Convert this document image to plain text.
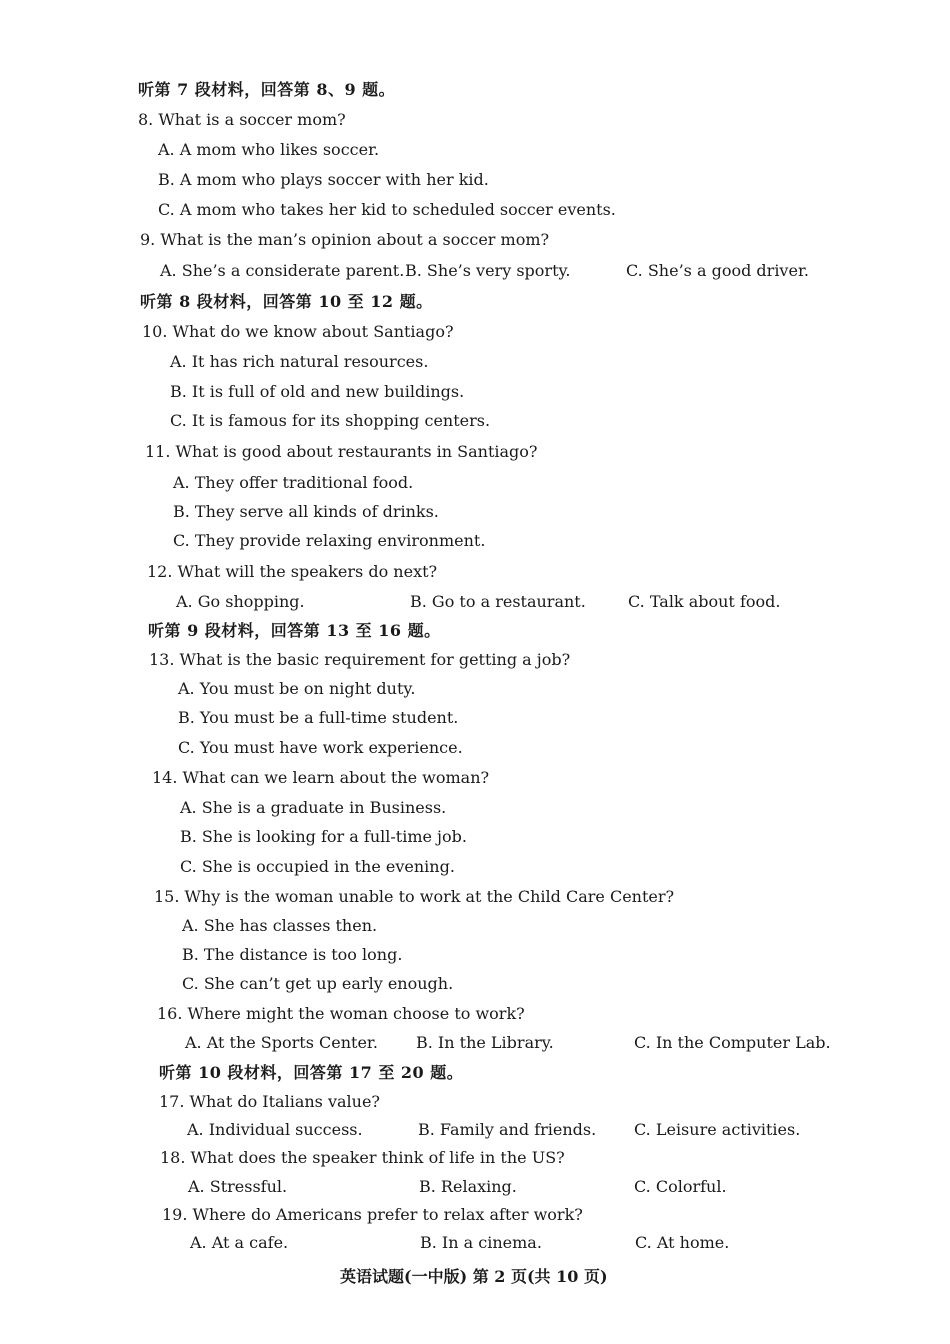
听第 7 段材料，回答第 8、9 题。
8. What is a soccer mom?
A. A mom who likes soccer.
B. A mom who plays soccer with her kid.
C. A mom who takes her kid to scheduled soccer events.
9. What is the man’s opinion about a soccer mom?
A. She’s a considerate parent. B. She’s very sporty.	C. She’s a good driver.
听第 8 段材料，回答第 10 至 12 题。
10. What do we know about Santiago?
A. It has rich natural resources.
B. It is full of old and new buildings.
C. It is famous for its shopping centers.
11. What is good about restaurants in Santiago?
A. They offer traditional food.
B. They serve all kinds of drinks.
C. They provide relaxing environment.
12. What will the speakers do next?
A. Go shopping.	B. Go to a restaurant.	C. Talk about food.
听第 9 段材料，回答第 13 至 16 题。
13. What is the basic requirement for getting a job?
A. You must be on night duty.
B. You must be a full-time student.
C. You must have work experience.
14. What can we learn about the woman?
A. She is a graduate in Business.
B. She is looking for a full-time job.
C. She is occupied in the evening.
15. Why is the woman unable to work at the Child Care Center?
A. She has classes then.
B. The distance is too long.
C. She can’t get up early enough.
16. Where might the woman choose to work?
A. At the Sports Center. B. In the Library.	C. In the Computer Lab.
听第 10 段材料，回答第 17 至 20 题。
17. What do Italians value?
A. Individual success.	B. Family and friends. C. Leisure activities.
18. What does the speaker think of life in the US?
A. Stressful.	B. Relaxing.	C. Colorful.
19. Where do Americans prefer to relax after work?
A. At a cafe.	B. In a cinema.	C. At home.
英语试题(一中版) 第 2 页(共 10 页)
